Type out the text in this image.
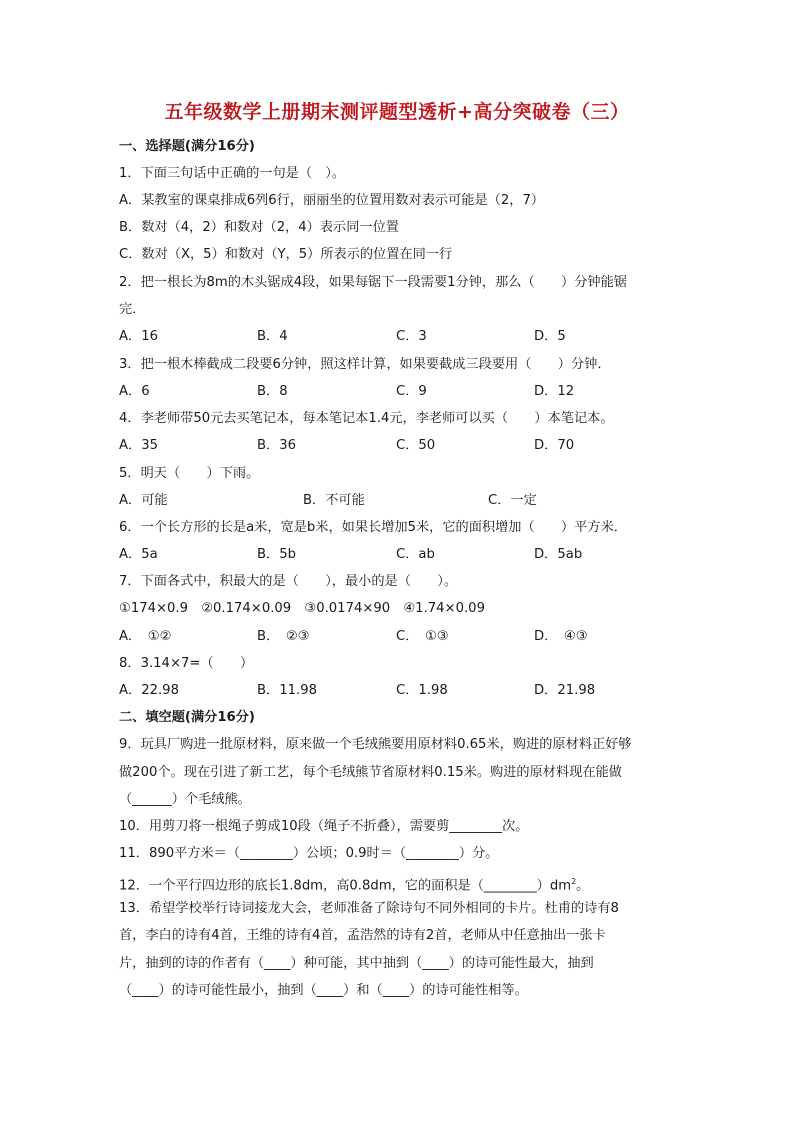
五年级数学上册期末测评题型透析+高分突破卷（三）
一、选择题(满分16分)
1．下面三句话中正确的一句是（　）。
A．某教室的课桌排成6列6行，丽丽坐的位置用数对表示可能是（2，7）
B．数对（4，2）和数对（2，4）表示同一位置
C．数对（X，5）和数对（Y，5）所表示的位置在同一行
2．把一根长为8m的木头锯成4段，如果每锯下一段需要1分钟，那么（　　）分钟能锯
完．
A．16	B．4	C．3	D．5
3．把一根木棒截成二段要6分钟，照这样计算，如果要截成三段要用（　　）分钟．
A．6	B．8	C．9	D．12
4．李老师带50元去买笔记本，每本笔记本1.4元，李老师可以买（　　）本笔记本。
A．35	B．36	C．50	D．70
5．明天（　　）下雨。
A．可能	B．不可能	C．一定
6．一个长方形的长是a米，宽是b米，如果长增加5米，它的面积增加（　　）平方米．
A．5a	B．5b	C．ab	D．5ab
7．下面各式中，积最大的是（　　），最小的是（　　）。
①174×0.9　②0.174×0.09　③0.0174×90　④1.74×0.09
A．　①②	B．　②③	C．　①③	D．　④③
8．3.14×7=（　　）
A．22.98	B．11.98	C．1.98	D．21.98
二、填空题(满分16分)
9．玩具厂购进一批原材料，原来做一个毛绒熊要用原材料0.65米，购进的原材料正好够
做200个。现在引进了新工艺，每个毛绒熊节省原材料0.15米。购进的原材料现在能做
（______）个毛绒熊。
10．用剪刀将一根绳子剪成10段（绳子不折叠），需要剪________次。
11．890平方米＝（________）公顷；0.9时＝（________）分。
12．一个平行四边形的底长1.8dm，高0.8dm，它的面积是$(\_\_\_\_\_\_\_\_)dm^2$。
13．希望学校举行诗词接龙大会，老师准备了除诗句不同外相同的卡片。杜甫的诗有8
首，李白的诗有4首，王维的诗有4首，孟浩然的诗有2首，老师从中任意抽出一张卡
片，抽到的诗的作者有（____）种可能，其中抽到（____）的诗可能性最大，抽到
（____）的诗可能性最小，抽到（____）和（____）的诗可能性相等。
